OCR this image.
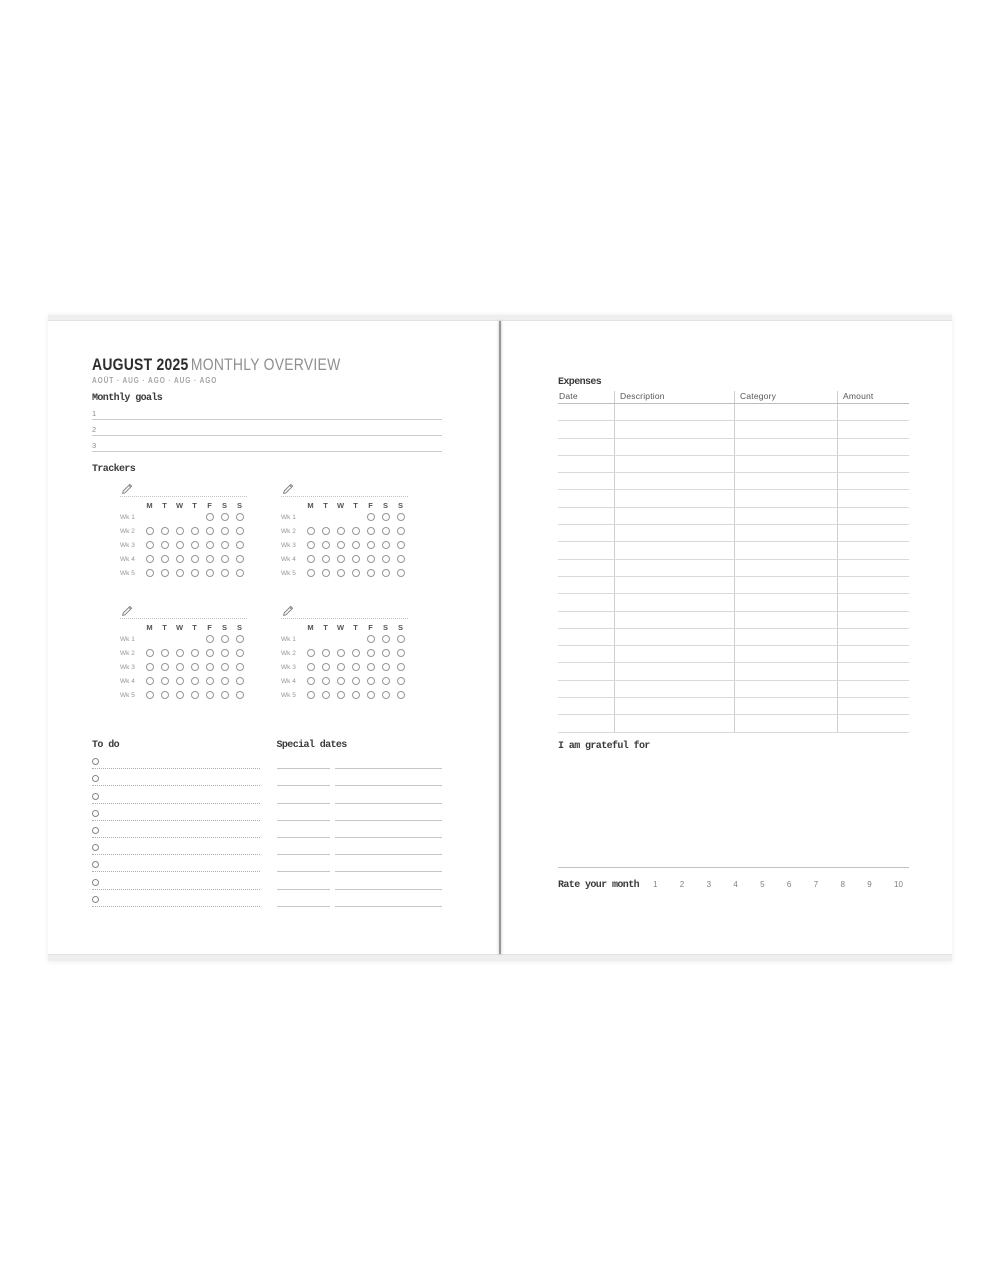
AUGUST 2025 MONTHLY OVERVIEW
AOÛT · AUG · AGO · AUG · AGO
Monthly goals
1
2
3
Trackers
M	T	W	T	F	S	S
Wk 1
Wk 2
Wk 3
Wk 4
Wk 5
M	T	W	T	F	S	S
Wk 1
Wk 2
Wk 3
Wk 4
Wk 5
M	T	W	T	F	S	S
Wk 1
Wk 2
Wk 3
Wk 4
Wk 5
M	T	W	T	F	S	S
Wk 1
Wk 2
Wk 3
Wk 4
Wk 5
To do	Special dates
Expenses
Date	Description	Category	Amount
I am grateful for
Rate your month 1	2	3	4	5	6	7	8	9	10
